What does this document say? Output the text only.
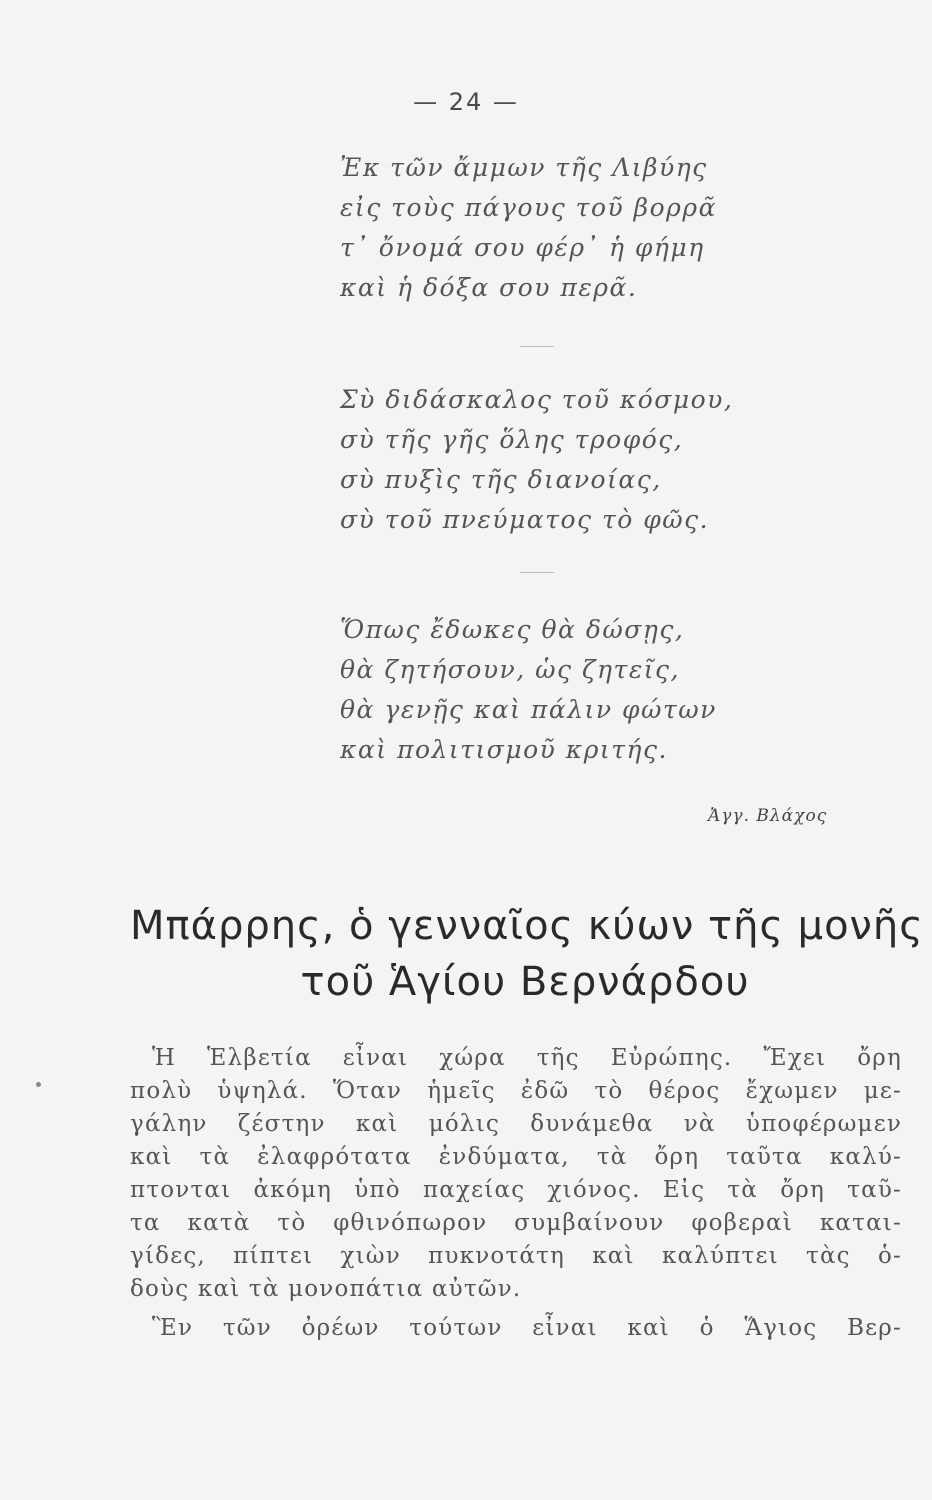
— 24 —
Ἐκ τῶν ἄμμων τῆς Λιβύης
εἰς τοὺς πάγους τοῦ βορρᾶ
τ᾿ ὄνομά σου φέρ᾿ ἡ φήμη
καὶ ἡ δόξα σου περᾶ.
Σὺ διδάσκαλος τοῦ κόσμου,
σὺ τῆς γῆς ὅλης τροφός,
σὺ πυξὶς τῆς διανοίας,
σὺ τοῦ πνεύματος τὸ φῶς.
Ὅπως ἔδωκες θὰ δώσῃς,
θὰ ζητήσουν, ὡς ζητεῖς,
θὰ γενῇς καὶ πάλιν φώτων
καὶ πολιτισμοῦ κριτής.
Ἀγγ. Βλάχος
Μπάρρης, ὁ γενναῖος κύων τῆς μονῆς
τοῦ Ἁγίου Βερνάρδου
Ἡ Ἑλβετία εἶναι χώρα τῆς Εὐρώπης. Ἔχει ὄρη
πολὺ ὑψηλά. Ὅταν ἡμεῖς ἐδῶ τὸ θέρος ἔχωμεν με-
γάλην ζέστην καὶ μόλις δυνάμεθα νὰ ὑποφέρωμεν
καὶ τὰ ἐλαφρότατα ἐνδύματα, τὰ ὄρη ταῦτα καλύ-
πτονται ἀκόμη ὑπὸ παχείας χιόνος. Εἰς τὰ ὄρη ταῦ-
τα κατὰ τὸ φθινόπωρον συμβαίνουν φοβεραὶ καται-
γίδες, πίπτει χιὼν πυκνοτάτη καὶ καλύπτει τὰς ὁ-
δοὺς καὶ τὰ μονοπάτια αὐτῶν.
Ἓν τῶν ὀρέων τούτων εἶναι καὶ ὁ Ἅγιος Βερ-
